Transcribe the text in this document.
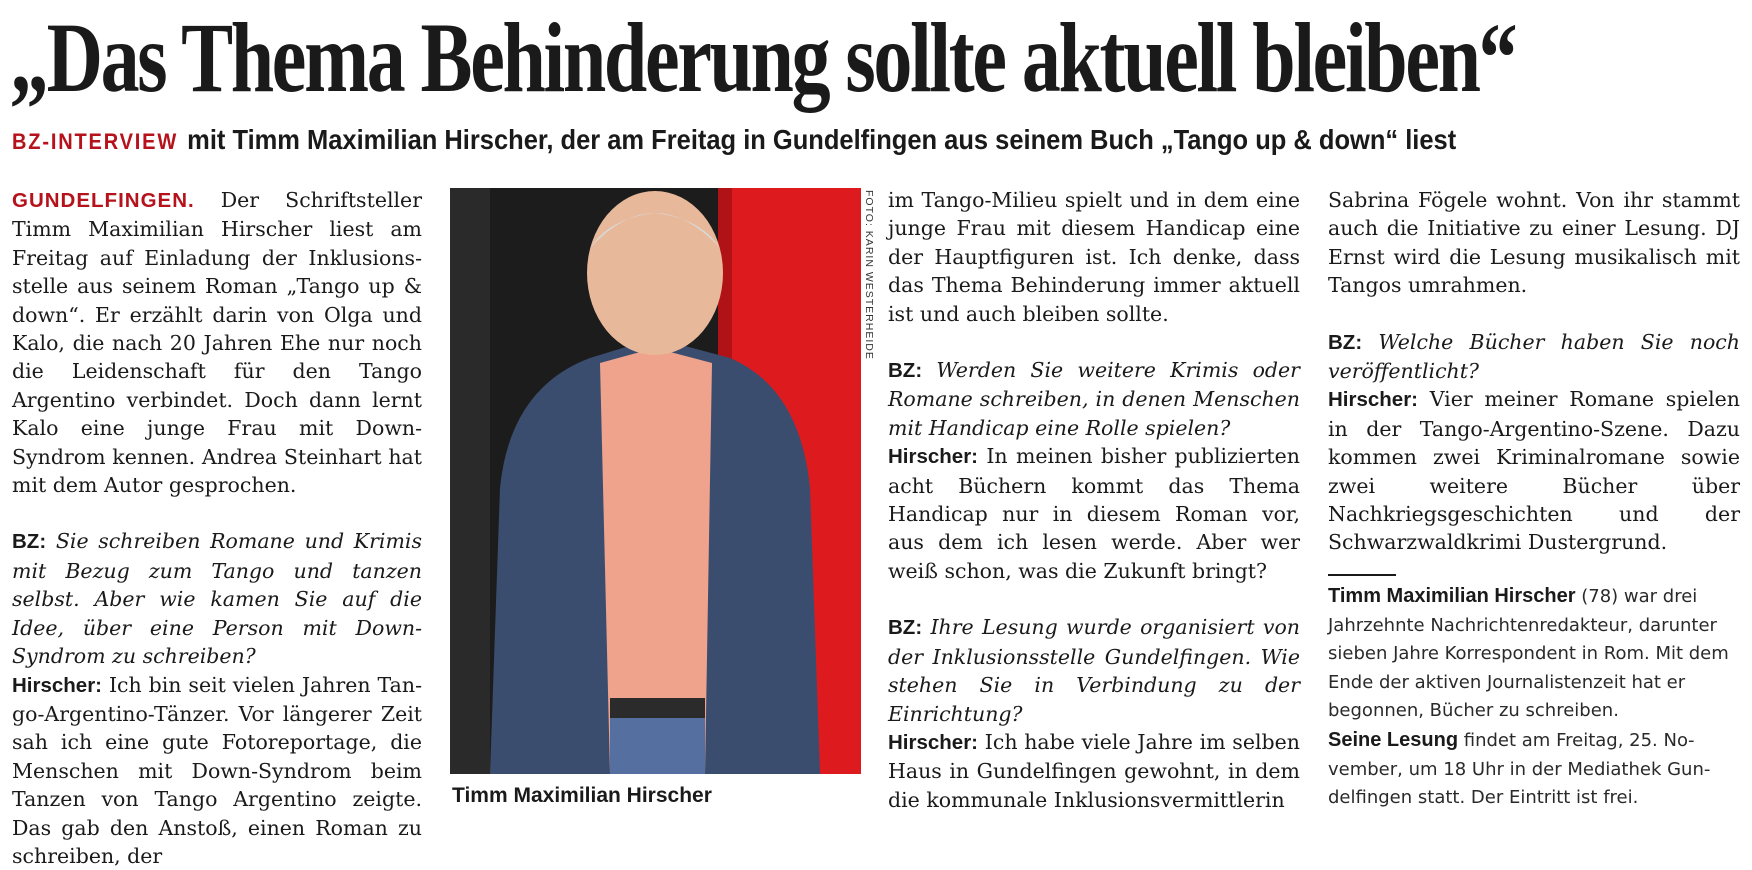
„Das Thema Behinderung sollte aktuell bleiben“
BZ-INTERVIEW mit Timm Maximilian Hirscher, der am Freitag in Gundelfingen aus seinem Buch „Tango up & down“ liest

GUNDELFINGEN. Der Schriftsteller Timm Maximilian Hirscher liest am Freitag auf Einladung der Inklusionsstelle aus seinem Roman „Tango up & down“. Er erzählt darin von Olga und Kalo, die nach 20 Jahren Ehe nur noch die Leidenschaft für den Tango Argentino verbindet. Doch dann lernt Kalo eine junge Frau mit Down-Syndrom kennen. Andrea Steinhart hat mit dem Autor gesprochen.

BZ: Sie schreiben Romane und Krimis mit Bezug zum Tango und tanzen selbst. Aber wie kamen Sie auf die Idee, über eine Person mit Down-Syndrom zu schreiben?

Hirscher: Ich bin seit vielen Jahren Tango-Argentino-Tänzer. Vor längerer Zeit sah ich eine gute Fotoreportage, die Menschen mit Down-Syndrom beim Tanzen von Tango Argentino zeigte. Das gab den Anstoß, einen Roman zu schreiben, der

Timm Maximilian Hirscher
FOTO: KARIN WESTERHEIDE im Tango-Milieu spielt und in dem eine junge Frau mit diesem Handicap eine der Hauptfiguren ist. Ich denke, dass das Thema Behinderung immer aktuell ist und auch bleiben sollte.

BZ: Werden Sie weitere Krimis oder Romane schreiben, in denen Menschen mit Handicap eine Rolle spielen?

Hirscher: In meinen bisher publizierten acht Büchern kommt das Thema Handicap nur in diesem Roman vor, aus dem ich lesen werde. Aber wer weiß schon, was die Zukunft bringt?

BZ: Ihre Lesung wurde organisiert von der Inklusionsstelle Gundelfingen. Wie stehen Sie in Verbindung zu der Einrichtung?

Hirscher: Ich habe viele Jahre im selben Haus in Gundelfingen gewohnt, in dem die kommunale Inklusionsvermittlerin

Sabrina Fögele wohnt. Von ihr stammt auch die Initiative zu einer Lesung. DJ Ernst wird die Lesung musikalisch mit Tangos umrahmen.

BZ: Welche Bücher haben Sie noch veröffentlicht?

Hirscher: Vier meiner Romane spielen in der Tango-Argentino-Szene. Dazu kommen zwei Kriminalromane sowie zwei weitere Bücher über Nachkriegsgeschichten und der Schwarzwaldkrimi Dustergrund.

Timm Maximilian Hirscher (78) war drei Jahrzehnte Nachrichtenredakteur, darunter sieben Jahre Korrespondent in Rom. Mit dem Ende der aktiven Journalistenzeit hat er begonnen, Bücher zu schreiben.

Seine Lesung findet am Freitag, 25. November, um 18 Uhr in der Mediathek Gundelfingen statt. Der Eintritt ist frei.
